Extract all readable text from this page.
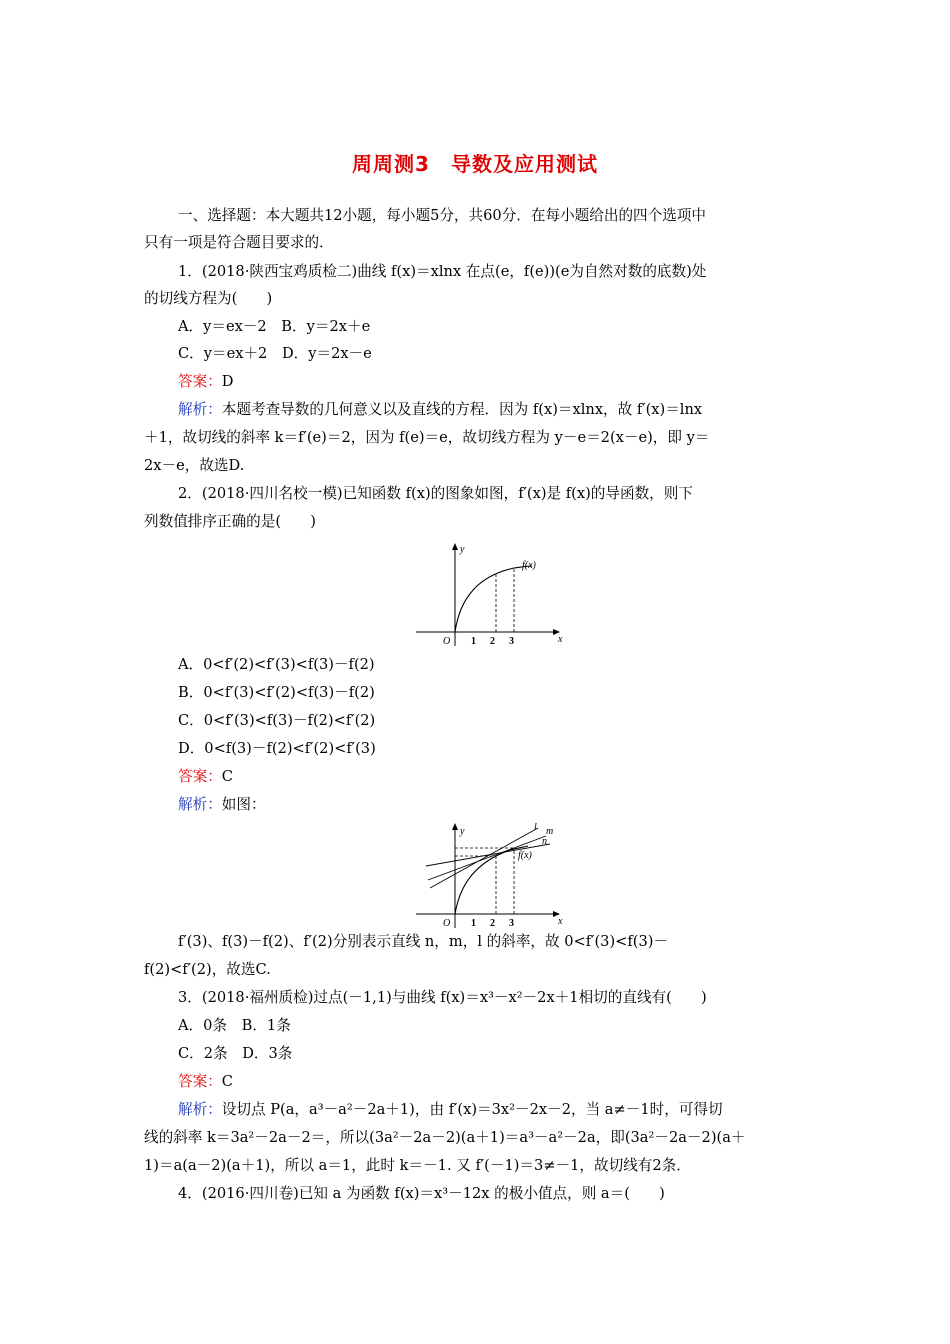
周周测3　导数及应用测试
一、选择题：本大题共12小题，每小题5分，共60分．在每小题给出的四个选项中
只有一项是符合题目要求的．
1．(2018·陕西宝鸡质检二)曲线 f(x)＝xlnx 在点(e，f(e))(e为自然对数的底数)处
的切线方程为(　　)
A．y＝ex－2　B．y＝2x＋e
C．y＝ex＋2　D．y＝2x－e
答案：D
解析：本题考查导数的几何意义以及直线的方程．因为 f(x)＝xlnx，故 f′(x)＝lnx
＋1，故切线的斜率 k＝f′(e)＝2，因为 f(e)＝e，故切线方程为 y－e＝2(x－e)，即 y＝
2x－e，故选D.
2．(2018·四川名校一模)已知函数 f(x)的图象如图，f′(x)是 f(x)的导函数，则下
列数值排序正确的是(　　)
y
x
O 1 2 3
f(x)
A．0<f′(2)<f′(3)<f(3)－f(2)
B．0<f′(3)<f′(2)<f(3)－f(2)
C．0<f′(3)<f(3)－f(2)<f′(2)
D．0<f(3)－f(2)<f′(2)<f′(3)
答案：C
解析：如图：
y
x
O 1 2 3
l m
n
f(x)
f′(3)、f(3)－f(2)、f′(2)分别表示直线 n，m，l 的斜率，故 0<f′(3)<f(3)－
f(2)<f′(2)，故选C.
3．(2018·福州质检)过点(－1,1)与曲线 f(x)＝x³－x²－2x＋1相切的直线有(　　)
A．0条　B．1条
C．2条　D．3条
答案：C
解析：设切点 P(a，a³－a²－2a＋1)，由 f′(x)＝3x²－2x－2，当 a≠－1时，可得切
线的斜率 k＝3a²－2a－2＝，所以(3a²－2a－2)(a＋1)＝a³－a²－2a，即(3a²－2a－2)(a＋
1)＝a(a－2)(a＋1)，所以 a＝1，此时 k＝－1. 又 f′(－1)＝3≠－1，故切线有2条．
4．(2016·四川卷)已知 a 为函数 f(x)＝x³－12x 的极小值点，则 a＝(　　)
